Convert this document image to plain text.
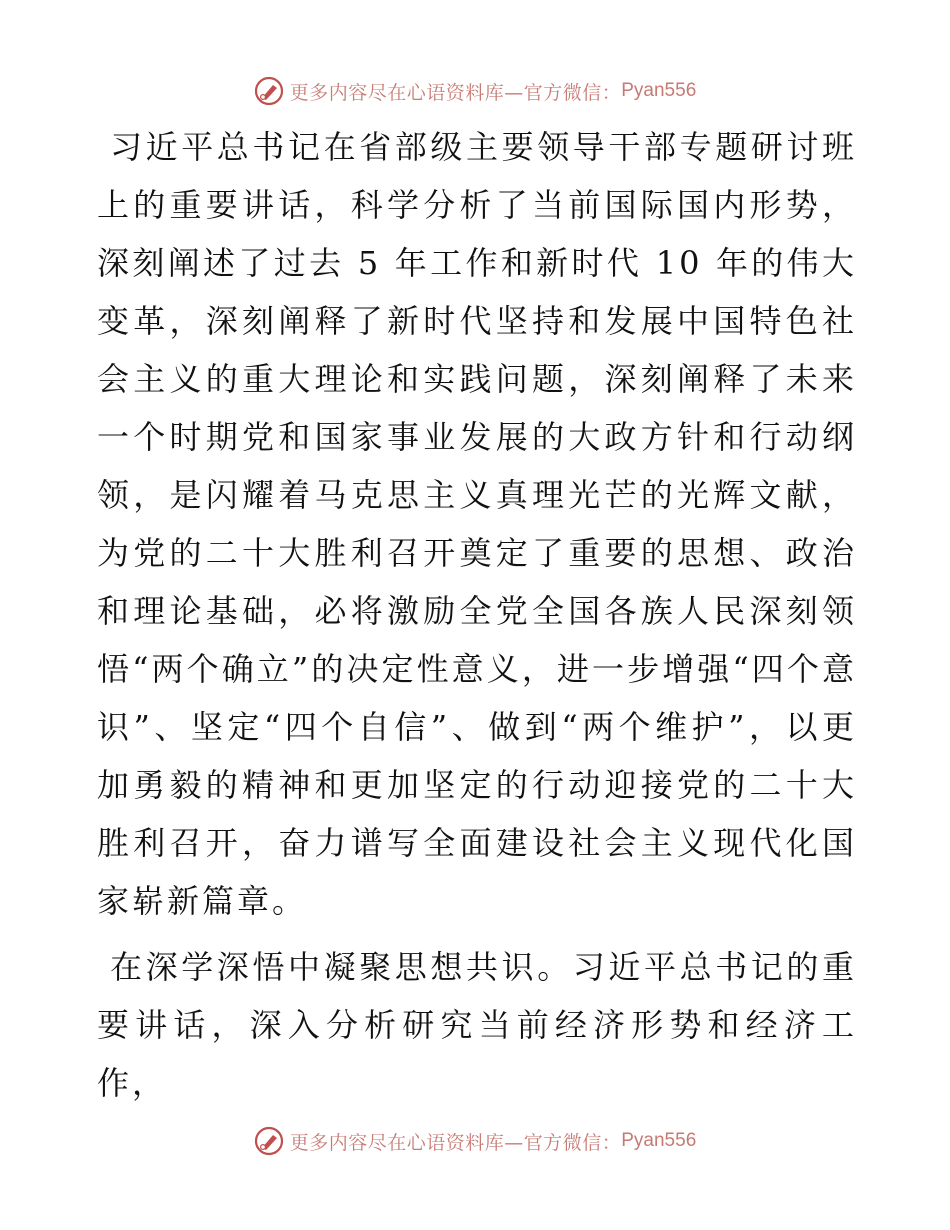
更多内容尽在心语资料库—官方微信： Pyan556

习近平总书记在省部级主要领导干部专题研讨班上的重要讲话，科学分析了当前国际国内形势，深刻阐述了过去 5 年工作和新时代 10 年的伟大变革，深刻阐释了新时代坚持和发展中国特色社会主义的重大理论和实践问题，深刻阐释了未来一个时期党和国家事业发展的大政方针和行动纲领，是闪耀着马克思主义真理光芒的光辉文献，为党的二十大胜利召开奠定了重要的思想、政治和理论基础，必将激励全党全国各族人民深刻领悟“两个确立”的决定性意义，进一步增强“四个意识”、坚定“四个自信”、做到“两个维护”，以更加勇毅的精神和更加坚定的行动迎接党的二十大胜利召开，奋力谱写全面建设社会主义现代化国家崭新篇章。

在深学深悟中凝聚思想共识。习近平总书记的重要讲话，深入分析研究当前经济形势和经济工作，

更多内容尽在心语资料库—官方微信： Pyan556
